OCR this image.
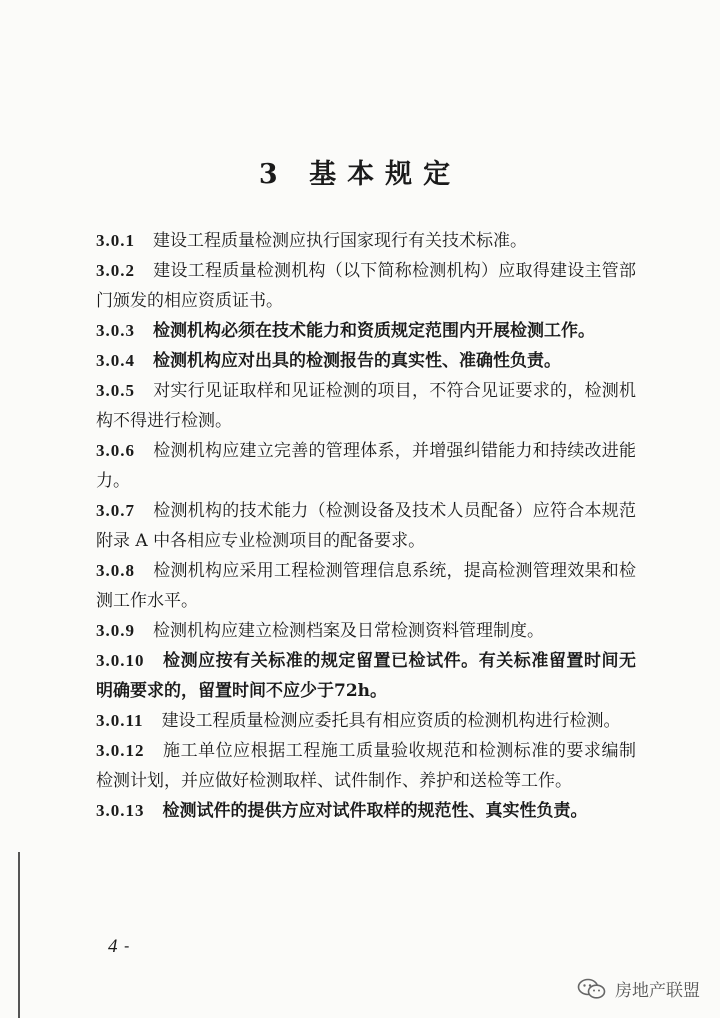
3 基本规定

3.0.1 建设工程质量检测应执行国家现行有关技术标准。

3.0.2 建设工程质量检测机构（以下简称检测机构）应取得建设主管部门颁发的相应资质证书。

3.0.3 检测机构必须在技术能力和资质规定范围内开展检测工作。

3.0.4 检测机构应对出具的检测报告的真实性、准确性负责。

3.0.5 对实行见证取样和见证检测的项目，不符合见证要求的，检测机构不得进行检测。

3.0.6 检测机构应建立完善的管理体系，并增强纠错能力和持续改进能力。

3.0.7 检测机构的技术能力（检测设备及技术人员配备）应符合本规范附录 A 中各相应专业检测项目的配备要求。

3.0.8 检测机构应采用工程检测管理信息系统，提高检测管理效果和检测工作水平。

3.0.9 检测机构应建立检测档案及日常检测资料管理制度。

3.0.10 检测应按有关标准的规定留置已检试件。有关标准留置时间无明确要求的，留置时间不应少于72h。

3.0.11 建设工程质量检测应委托具有相应资质的检测机构进行检测。

3.0.12 施工单位应根据工程施工质量验收规范和检测标准的要求编制检测计划，并应做好检测取样、试件制作、养护和送检等工作。

3.0.13 检测试件的提供方应对试件取样的规范性、真实性负责。

4 -
房地产联盟
